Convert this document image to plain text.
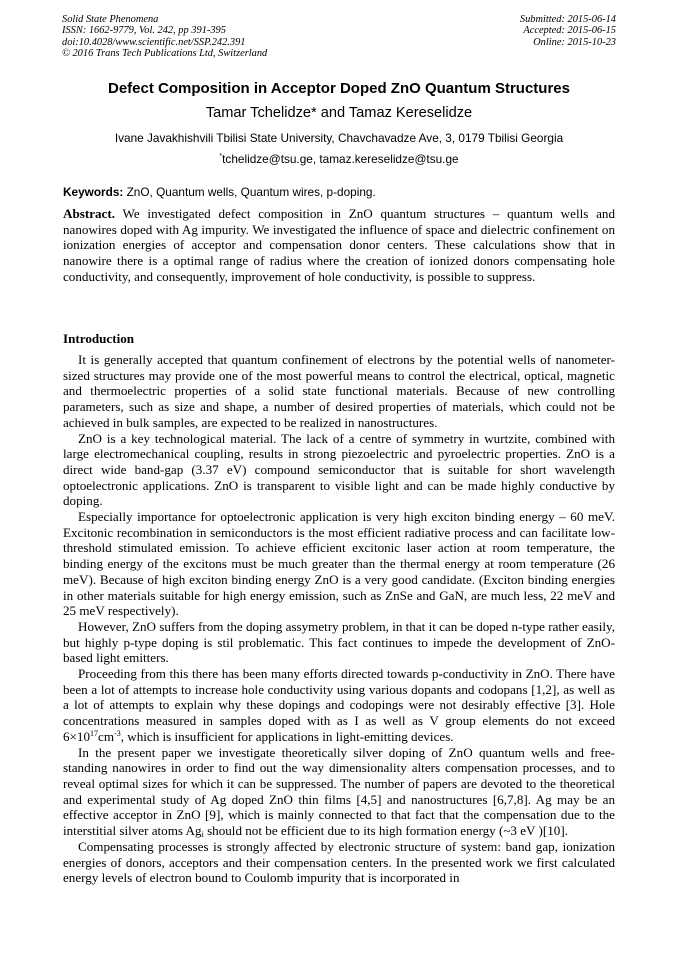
Solid State Phenomena
ISSN: 1662-9779, Vol. 242, pp 391-395
doi:10.4028/www.scientific.net/SSP.242.391
© 2016 Trans Tech Publications Ltd, Switzerland
Submitted: 2015-06-14
Accepted: 2015-06-15
Online: 2015-10-23
Defect Composition in Acceptor Doped ZnO Quantum Structures
Tamar Tchelidze* and Tamaz Kereselidze
Ivane Javakhishvili Tbilisi State University, Chavchavadze Ave, 3, 0179 Tbilisi Georgia
*tchelidze@tsu.ge, tamaz.kereselidze@tsu.ge
Keywords: ZnO, Quantum wells, Quantum wires, p-doping.
Abstract. We investigated defect composition in ZnO quantum structures – quantum wells and nanowires doped with Ag impurity. We investigated the influence of space and dielectric confinement on ionization energies of acceptor and compensation donor centers. These calculations show that in nanowire there is a optimal range of radius where the creation of ionized donors compensating hole conductivity, and consequently, improvement of hole conductivity, is possible to suppress.
Introduction

It is generally accepted that quantum confinement of electrons by the potential wells of nanometer-sized structures may provide one of the most powerful means to control the electrical, optical, magnetic and thermoelectric properties of a solid state functional materials. Because of new controlling parameters, such as size and shape, a number of desired properties of materials, which could not be achieved in bulk samples, are expected to be realized in nanostructures.

ZnO is a key technological material. The lack of a centre of symmetry in wurtzite, combined with large electromechanical coupling, results in strong piezoelectric and pyroelectric properties. ZnO is a direct wide band-gap (3.37 eV) compound semiconductor that is suitable for short wavelength optoelectronic applications. ZnO is transparent to visible light and can be made highly conductive by doping.

Especially importance for optoelectronic application is very high exciton binding energy – 60 meV. Excitonic recombination in semiconductors is the most efficient radiative process and can facilitate low-threshold stimulated emission. To achieve efficient excitonic laser action at room temperature, the binding energy of the excitons must be much greater than the thermal energy at room temperature (26 meV). Because of high exciton binding energy ZnO is a very good candidate. (Exciton binding energies in other materials suitable for high energy emission, such as ZnSe and GaN, are much less, 22 meV and 25 meV respectively).

However, ZnO suffers from the doping assymetry problem, in that it can be doped n-type rather easily, but highly p-type doping is stil problematic. This fact continues to impede the development of ZnO-based light emitters.

Proceeding from this there has been many efforts directed towards p-conductivity in ZnO. There have been a lot of attempts to increase hole conductivity using various dopants and codopans [1,2], as well as a lot of attempts to explain why these dopings and codopings were not desirably effective [3]. Hole concentrations measured in samples doped with as I as well as V group elements do not exceed $6\times 10^{17}cm^{-3}$, which is insufficient for applications in light-emitting devices.

In the present paper we investigate theoretically silver doping of ZnO quantum wells and free-standing nanowires in order to find out the way dimensionality alters compensation processes, and to reveal optimal sizes for which it can be suppressed. The number of papers are devoted to the theoretical and experimental study of Ag doped ZnO thin films [4,5] and nanostructures [6,7,8]. Ag may be an effective acceptor in ZnO [9], which is mainly connected to that fact that the compensation due to the interstitial silver atoms $Ag_i$ should not be efficient due to its high formation energy (~3 eV )[10].

Compensating processes is strongly affected by electronic structure of system: band gap, ionization energies of donors, acceptors and their compensation centers. In the presented work we first calculated energy levels of electron bound to Coulomb impurity that is incorporated in
